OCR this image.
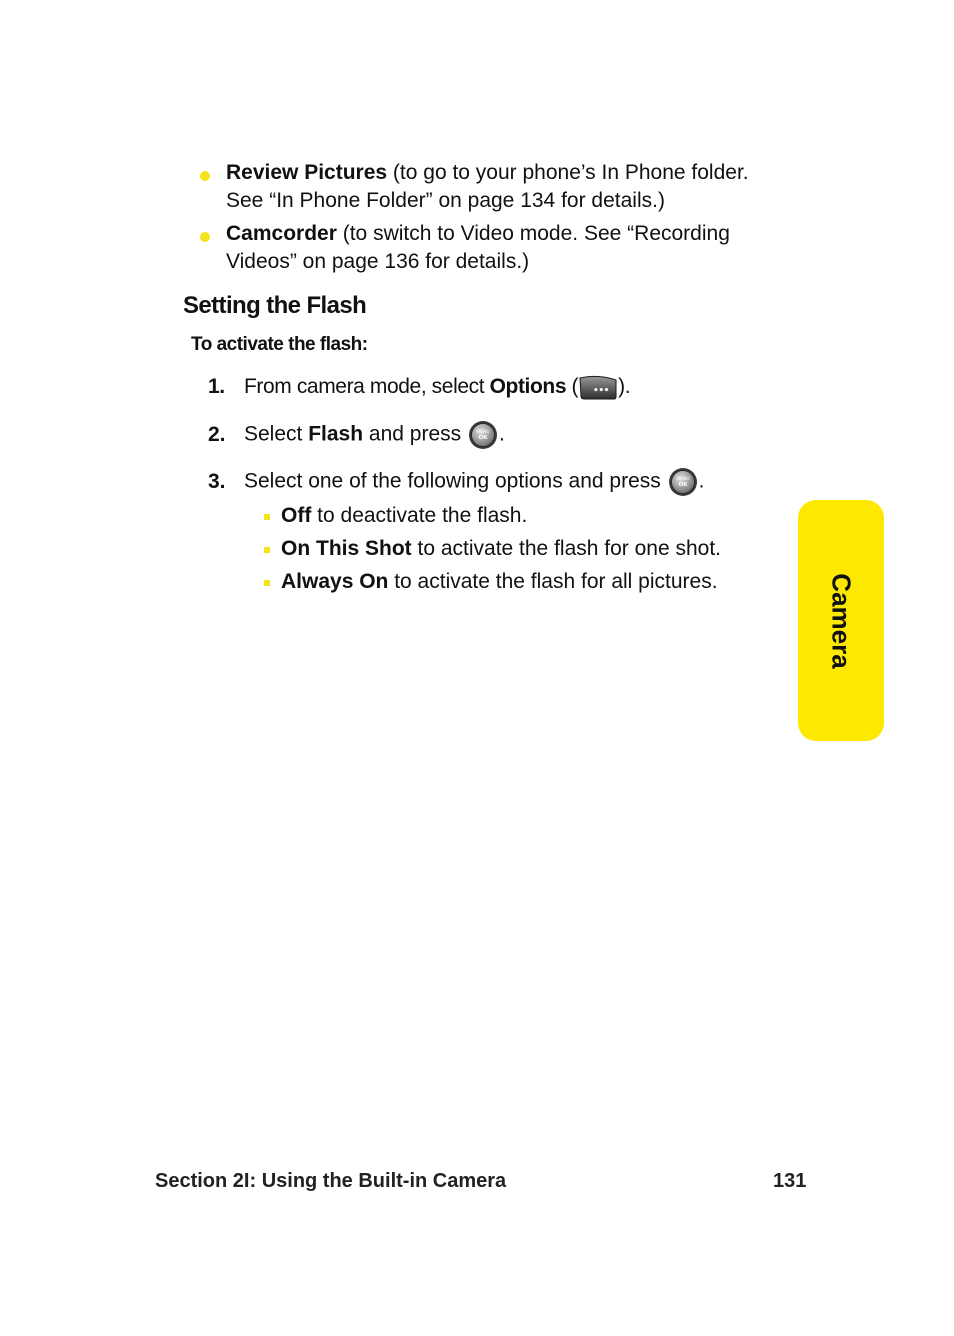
Review Pictures (to go to your phone’s In Phone folder. See “In Phone Folder” on page 134 for details.)
Camcorder (to switch to Video mode. See “Recording Videos” on page 136 for details.)
Setting the Flash
To activate the flash:
1. From camera mode, select Options ( ••• ).
2. Select Flash and press MENU
OK .
3. Select one of the following options and press MENU
OK .
Off to deactivate the flash.
On This Shot to activate the flash for one shot.
Always On to activate the flash for all pictures.	Camera
Section 2I: Using the Built-in Camera	131
